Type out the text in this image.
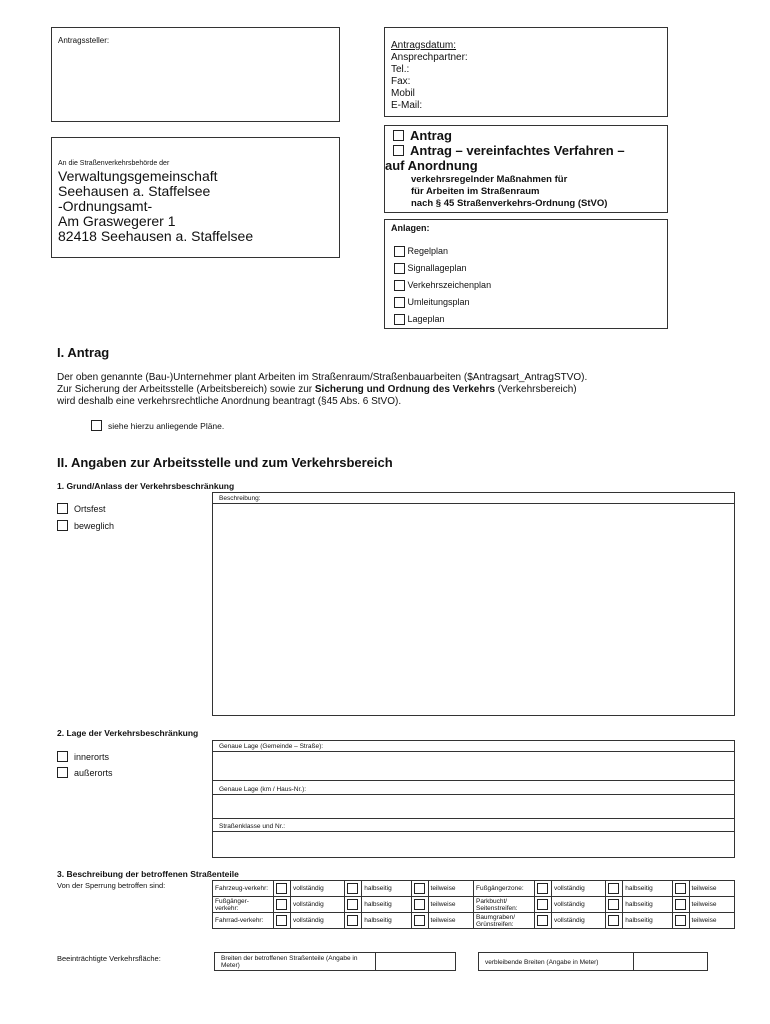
Antragssteller:	Antragsdatum:
Ansprechpartner:
Tel.:
Fax:
Mobil
E-Mail:
An die Straßenverkehrsbehörde der
Verwaltungsgemeinschaft
Seehausen a. Staffelsee
-Ordnungsamt-
Am Graswegerer 1
82418 Seehausen a. Staffelsee
Antrag
Antrag – vereinfachtes Verfahren –
auf Anordnung
verkehrsregelnder Maßnahmen für
für Arbeiten im Straßenraum
nach § 45 Straßenverkehrs-Ordnung (StVO)
Anlagen:
Regelplan
Signallageplan
Verkehrszeichenplan
Umleitungsplan
Lageplan
I. Antrag
Der oben genannte (Bau-)Unternehmer plant Arbeiten im Straßenraum/Straßenbauarbeiten ($Antragsart_AntragSTVO).
Zur Sicherung der Arbeitsstelle (Arbeitsbereich) sowie zur Sicherung und Ordnung des Verkehrs (Verkehrsbereich)
wird deshalb eine verkehrsrechtliche Anordnung beantragt (§45 Abs. 6 StVO).
siehe hierzu anliegende Pläne.
II. Angaben zur Arbeitsstelle und zum Verkehrsbereich
1. Grund/Anlass der Verkehrsbeschränkung
Ortsfest
beweglich
Beschreibung:
2. Lage der Verkehrsbeschränkung
innerorts
außerorts
Genaue Lage (Gemeinde – Straße):
Genaue Lage (km / Haus-Nr.):
Straßenklasse und Nr.:
3. Beschreibung der betroffenen Straßenteile
Von der Sperrung betroffen sind:	Fahrzeug-verkehr:		vollständig		halbseitig		teilweise	Fußgängerzone:		vollständig		halbseitig		teilweise
Fußgänger-verkehr:		vollständig		halbseitig		teilweise	Parkbucht/ Seitenstreifen:		vollständig		halbseitig		teilweise
Fahrrad-verkehr:		vollständig		halbseitig		teilweise	Baumgraben/ Grünstreifen:		vollständig		halbseitig		teilweise
Beeinträchtigte Verkehrsfläche:	Breiten der betroffenen Straßenteile (Angabe in Meter)	verbleibende Breiten (Angabe in Meter)
